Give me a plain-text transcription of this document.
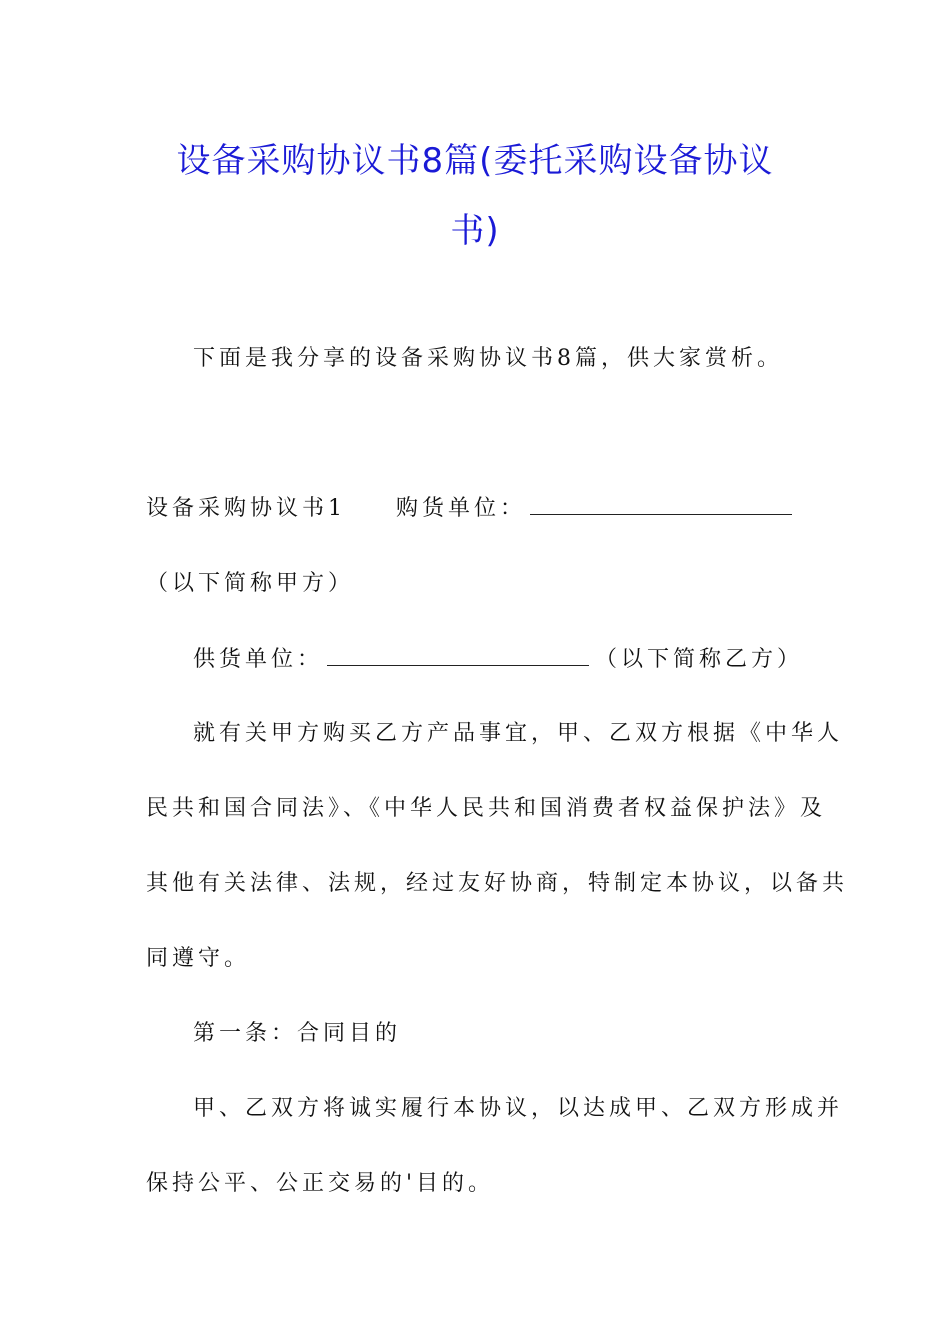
设备采购协议书8篇(委托采购设备协议
书)
下面是我分享的设备采购协议书8篇，供大家赏析。
设备采购协议书1 购货单位：
（以下简称甲方）
供货单位：	（以下简称乙方）
就有关甲方购买乙方产品事宜，甲、乙双方根据《中华人
民共和国合同法》、《中华人民共和国消费者权益保护法》及
其他有关法律、法规，经过友好协商，特制定本协议，以备共
同遵守。
第一条：合同目的
甲、乙双方将诚实履行本协议，以达成甲、乙双方形成并
保持公平、公正交易的'目的。
